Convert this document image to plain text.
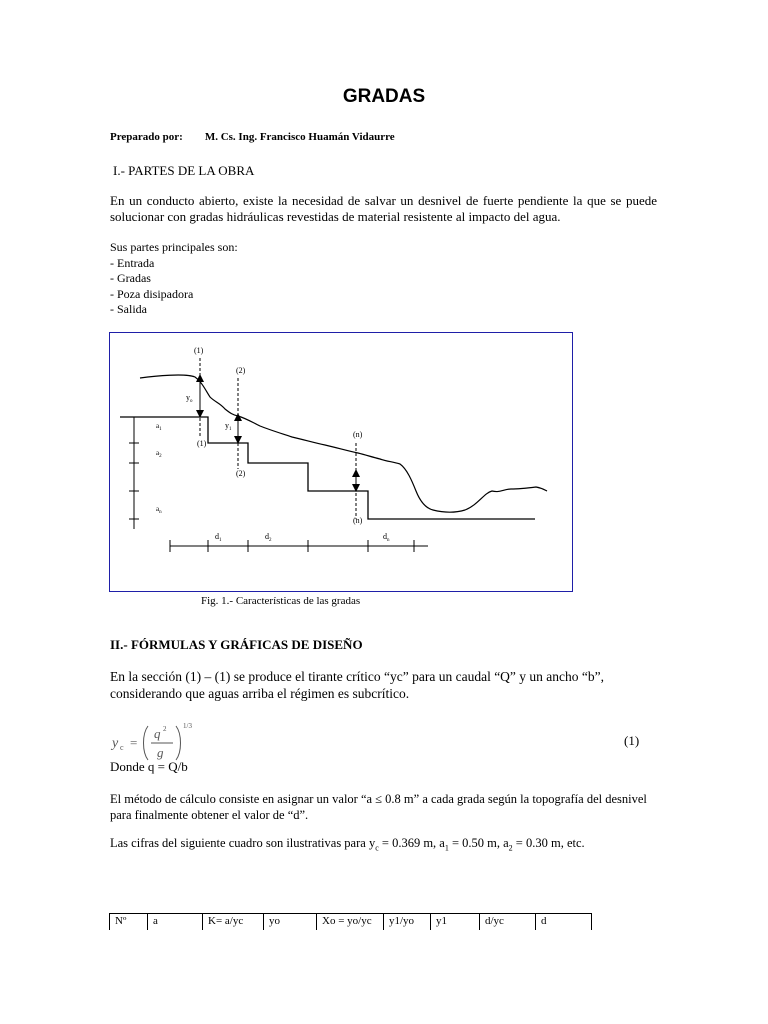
GRADAS
Preparado por: M. Cs. Ing. Francisco Huamán Vidaurre
I.- PARTES DE LA OBRA
En un conducto abierto, existe la necesidad de salvar un desnivel de fuerte pendiente la que se puede solucionar con gradas hidráulicas revestidas de material resistente al impacto del agua.
Sus partes principales son:
- Entrada
- Gradas
- Poza disipadora
- Salida
(1)
(1)
(2)
(2)
(n)
(n)
$y_o$
$y_1$
$a_1$
$a_2$
$a_n$
$d_1$	$d_2$	$d_n$
Fig. 1.- Características de las gradas
II.- FÓRMULAS Y GRÁFICAS DE DISEÑO
En la sección (1) – (1) se produce el tirante crítico “yc” para un caudal “Q” y un ancho “b”, considerando que aguas arriba el régimen es subcrítico.
y c =
q 2
g
1/3
(1)
Donde q = Q/b
El método de cálculo consiste en asignar un valor “a ≤ 0.8 m” a cada grada según la topografía del desnivel para finalmente obtener el valor de “d”.
Las cifras del siguiente cuadro son ilustrativas para $y_c = 0.369$ m, $a_1 = 0.50$ m, $a_2 = 0.30$ m, etc.
Nº	a	K= a/yc	yo	Xo = yo/yc	y1/yo	y1	d/yc	d
